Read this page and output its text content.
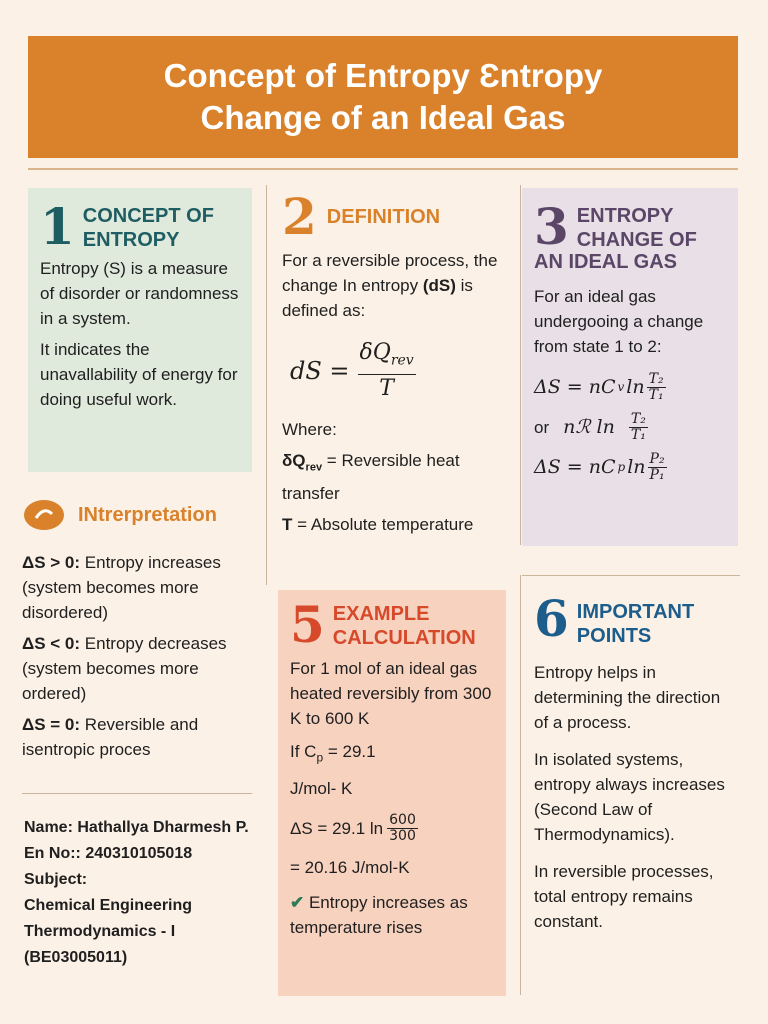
Concept of Entropy Ɛntropy
Change of an Ideal Gas
1 CONCEPT OF
ENTROPY

Entropy (S) is a measure of disorder or randomness in a system.

It indicates the unavallability of energy for doing useful work.

INtrerpretation

ΔS > 0: Entropy increases (system becomes more disordered)

ΔS < 0: Entropy decreases (system becomes more ordered)

ΔS = 0: Reversible and isentropic proces

Name: Hathallya Dharmesh P.
En No:: 240310105018
Subject:
Chemical Engineering Thermodynamics - I (BE03005011)
2 DEFINITION

For a reversible process, the change In entropy (dS) is defined as:

dS = $\frac{\delta Q_{rev}}{T}$

Where:

$\delta Q_{rev}$ = Reversible heat transfer

T = Absolute temperature

3 ENTROPY
CHANGE OF
AN IDEAL GAS

For an ideal gas undergooing a change from state 1 to 2:

ΔS = nC v $\ln \frac{\text{T₂}}{\text{T₁}}$
or nℛ $\ln \frac{\text{T₂}}{\text{T₁}}$
ΔS = nC p $\ln \frac{\text{P₂}}{\text{P₁}}$
5 EXAMPLE
CALCULATION

For 1 mol of an ideal gas heated reversibly from 300 K to 600 K

If $C_p = 29.1$

J/mol- K

ΔS = 29.1 $\ln \frac{600}{300}$

= 20.16 J/mol-K

✔ Entropy increases as temperature rises

6 IMPORTANT
POINTS

Entropy helps in determining the direction of a process.

In isolated systems, entropy always increases (Second Law of Thermodynamics).

In reversible processes, total entropy remains constant.
